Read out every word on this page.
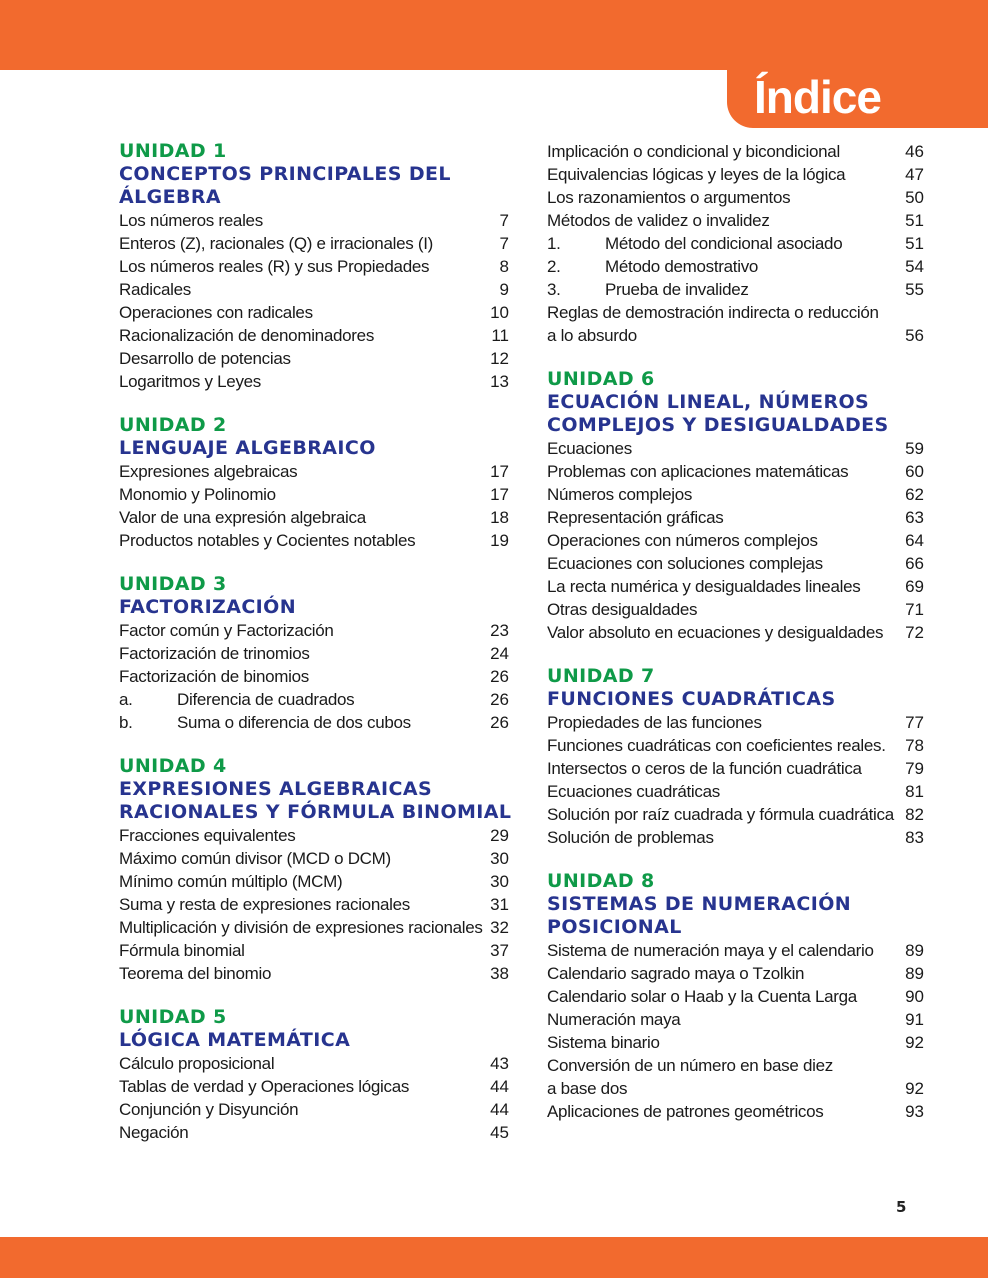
Índice
UNIDAD 1
CONCEPTOS PRINCIPALES DEL
ÁLGEBRA
Los números reales	7
Enteros (Z), racionales (Q) e irracionales (I)	7
Los números reales (R) y sus Propiedades	8
Radicales	9
Operaciones con radicales	10
Racionalización de denominadores	11
Desarrollo de potencias	12
Logaritmos y Leyes	13
UNIDAD 2
LENGUAJE ALGEBRAICO
Expresiones algebraicas	17
Monomio y Polinomio	17
Valor de una expresión algebraica	18
Productos notables y Cocientes notables	19
UNIDAD 3
FACTORIZACIÓN
Factor común y Factorización	23
Factorización de trinomios	24
Factorización de binomios	26
a.	Diferencia de cuadrados	26
b.	Suma o diferencia de dos cubos	26
UNIDAD 4
EXPRESIONES ALGEBRAICAS
RACIONALES Y FÓRMULA BINOMIAL
Fracciones equivalentes	29
Máximo común divisor (MCD o DCM)	30
Mínimo común múltiplo (MCM)	30
Suma y resta de expresiones racionales	31
Multiplicación y división de expresiones racionales 32
Fórmula binomial	37
Teorema del binomio	38
UNIDAD 5
LÓGICA MATEMÁTICA
Cálculo proposicional	43
Tablas de verdad y Operaciones lógicas	44
Conjunción y Disyunción	44
Negación	45
Implicación o condicional y bicondicional	46
Equivalencias lógicas y leyes de la lógica	47
Los razonamientos o argumentos	50
Métodos de validez o invalidez	51
1.	Método del condicional asociado	51
2.	Método demostrativo	54
3.	Prueba de invalidez	55
Reglas de demostración indirecta o reducción
a lo absurdo	56
UNIDAD 6
ECUACIÓN LINEAL, NÚMEROS
COMPLEJOS Y DESIGUALDADES
Ecuaciones	59
Problemas con aplicaciones matemáticas	60
Números complejos	62
Representación gráficas	63
Operaciones con números complejos	64
Ecuaciones con soluciones complejas	66
La recta numérica y desigualdades lineales	69
Otras desigualdades	71
Valor absoluto en ecuaciones y desigualdades 72
UNIDAD 7
FUNCIONES CUADRÁTICAS
Propiedades de las funciones	77
Funciones cuadráticas con coeficientes reales. 78
Intersectos o ceros de la función cuadrática	79
Ecuaciones cuadráticas	81
Solución por raíz cuadrada y fórmula cuadrática 82
Solución de problemas	83
UNIDAD 8
SISTEMAS DE NUMERACIÓN
POSICIONAL
Sistema de numeración maya y el calendario 89
Calendario sagrado maya o Tzolkin	89
Calendario solar o Haab y la Cuenta Larga	90
Numeración maya	91
Sistema binario	92
Conversión de un número en base diez
a base dos	92
Aplicaciones de patrones geométricos	93
5
